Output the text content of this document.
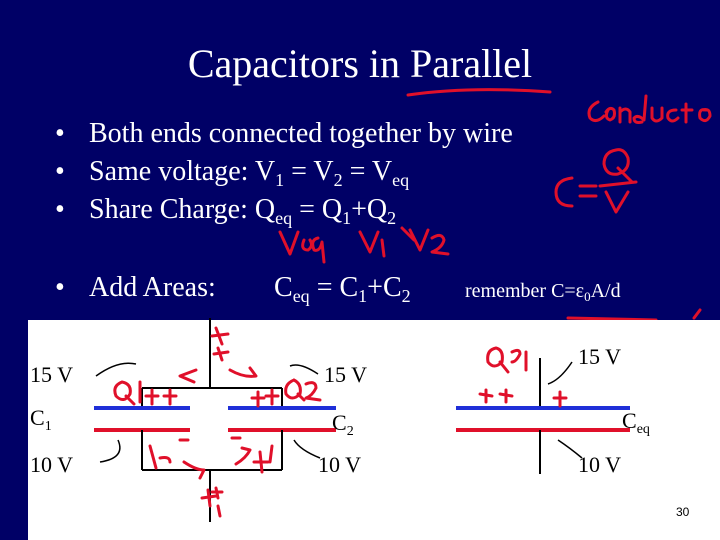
Capacitors in Parallel
• Both ends connected together by wire
• Same voltage: $V_1 = V_2 = V_{eq}$
• Share Charge: $Q_{eq} = Q_1+Q_2$
• Add Areas: $C_{eq} = C_1+C_2$	remember $C=\varepsilon_0A/d$
15 V
$C_1$
10 V
15 V
$C_2$
10 V
15 V
$C_{eq}$
10 V
30
